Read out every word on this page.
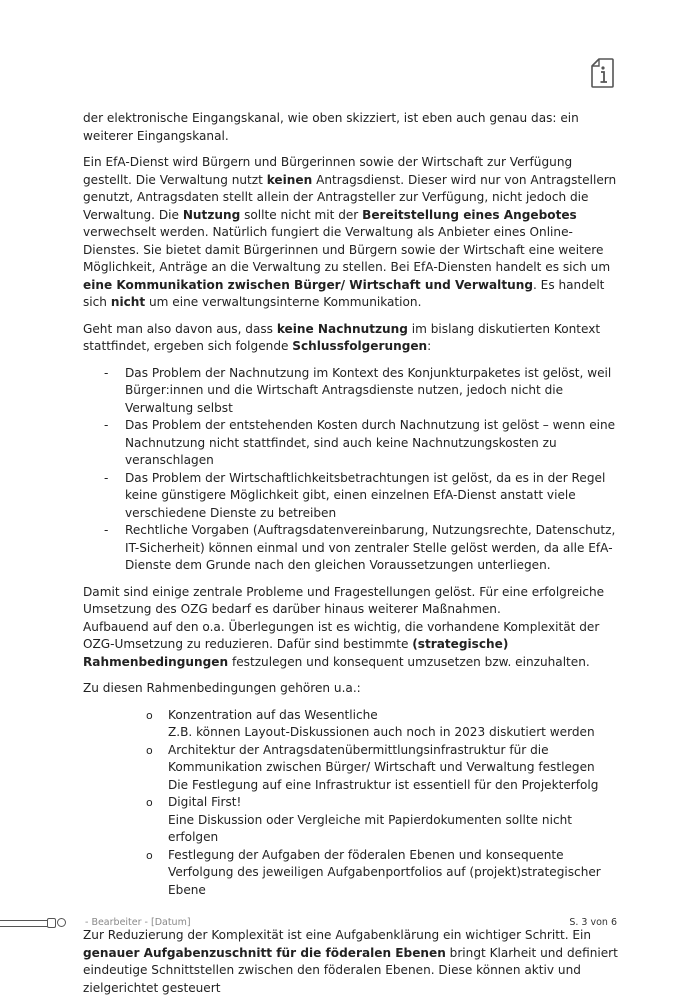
der elektronische Eingangskanal, wie oben skizziert, ist eben auch genau das: ein weiterer Eingangskanal.

Ein EfA-Dienst wird Bürgern und Bürgerinnen sowie der Wirtschaft zur Verfügung gestellt. Die Verwaltung nutzt keinen Antragsdienst. Dieser wird nur von Antragstellern genutzt, Antragsdaten stellt allein der Antragsteller zur Verfügung, nicht jedoch die Verwaltung. Die Nutzung sollte nicht mit der Bereitstellung eines Angebotes verwechselt werden. Natürlich fungiert die Verwaltung als Anbieter eines Online-Dienstes. Sie bietet damit Bürgerinnen und Bürgern sowie der Wirtschaft eine weitere Möglichkeit, Anträge an die Verwaltung zu stellen. Bei EfA-Diensten handelt es sich um eine Kommunikation zwischen Bürger/ Wirtschaft und Verwaltung. Es handelt sich nicht um eine verwaltungsinterne Kommunikation.

Geht man also davon aus, dass keine Nachnutzung im bislang diskutierten Kontext stattfindet, ergeben sich folgende Schlussfolgerungen:

- Das Problem der Nachnutzung im Kontext des Konjunkturpaketes ist gelöst, weil Bürger:innen und die Wirtschaft Antragsdienste nutzen, jedoch nicht die Verwaltung selbst
- Das Problem der entstehenden Kosten durch Nachnutzung ist gelöst – wenn eine Nachnutzung nicht stattfindet, sind auch keine Nachnutzungskosten zu veranschlagen
- Das Problem der Wirtschaftlichkeitsbetrachtungen ist gelöst, da es in der Regel keine günstigere Möglichkeit gibt, einen einzelnen EfA-Dienst anstatt viele verschiedene Dienste zu betreiben
- Rechtliche Vorgaben (Auftragsdatenvereinbarung, Nutzungsrechte, Datenschutz, IT-Sicherheit) können einmal und von zentraler Stelle gelöst werden, da alle EfA-Dienste dem Grunde nach den gleichen Voraussetzungen unterliegen.

Damit sind einige zentrale Probleme und Fragestellungen gelöst. Für eine erfolgreiche Umsetzung des OZG bedarf es darüber hinaus weiterer Maßnahmen.
Aufbauend auf den o.a. Überlegungen ist es wichtig, die vorhandene Komplexität der OZG-Umsetzung zu reduzieren. Dafür sind bestimmte (strategische) Rahmenbedingungen festzulegen und konsequent umzusetzen bzw. einzuhalten.

Zu diesen Rahmenbedingungen gehören u.a.:

o Konzentration auf das Wesentliche
Z.B. können Layout-Diskussionen auch noch in 2023 diskutiert werden
o Architektur der Antragsdatenübermittlungsinfrastruktur für die Kommunikation zwischen Bürger/ Wirtschaft und Verwaltung festlegen
Die Festlegung auf eine Infrastruktur ist essentiell für den Projekterfolg
o Digital First!
Eine Diskussion oder Vergleiche mit Papierdokumenten sollte nicht erfolgen
o Festlegung der Aufgaben der föderalen Ebenen und konsequente Verfolgung des jeweiligen Aufgabenportfolios auf (projekt)strategischer Ebene

Zur Reduzierung der Komplexität ist eine Aufgabenklärung ein wichtiger Schritt. Ein genauer Aufgabenzuschnitt für die föderalen Ebenen bringt Klarheit und definiert eindeutige Schnittstellen zwischen den föderalen Ebenen. Diese können aktiv und zielgerichtet gesteuert

- Bearbeiter - [Datum]	S. 3 von 6
